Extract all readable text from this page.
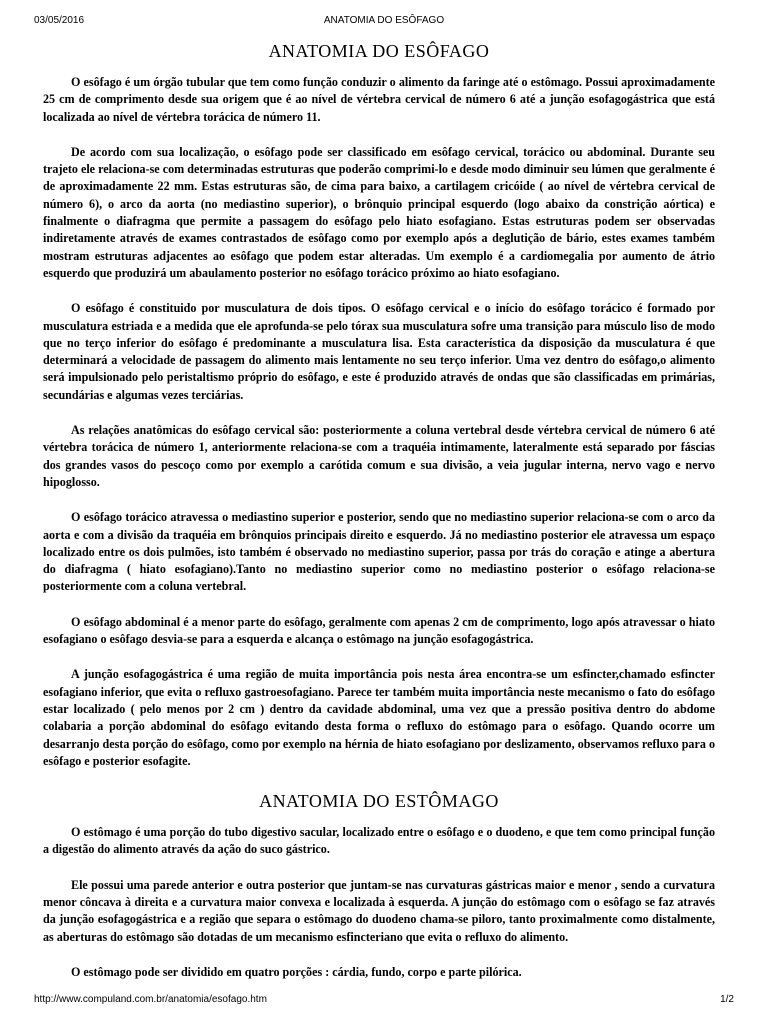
03/05/2016	ANATOMIA DO ESÔFAGO
ANATOMIA DO ESÔFAGO

O esôfago é um órgão tubular que tem como função conduzir o alimento da faringe até o estômago. Possui aproximadamente 25 cm de comprimento desde sua origem que é ao nível de vértebra cervical de número 6 até a junção esofagogástrica que está localizada ao nível de vértebra torácica de número 11.

De acordo com sua localização, o esôfago pode ser classificado em esôfago cervical, torácico ou abdominal. Durante seu trajeto ele relaciona-se com determinadas estruturas que poderão comprimi-lo e desde modo diminuir seu lúmen que geralmente é de aproximadamente 22 mm. Estas estruturas são, de cima para baixo, a cartilagem cricóide ( ao nível de vértebra cervical de número 6), o arco da aorta (no mediastino superior), o brônquio principal esquerdo (logo abaixo da constrição aórtica) e finalmente o diafragma que permite a passagem do esôfago pelo hiato esofagiano. Estas estruturas podem ser observadas indiretamente através de exames contrastados de esôfago como por exemplo após a deglutição de bário, estes exames também mostram estruturas adjacentes ao esôfago que podem estar alteradas. Um exemplo é a cardiomegalia por aumento de átrio esquerdo que produzirá um abaulamento posterior no esôfago torácico próximo ao hiato esofagiano.

O esôfago é constituido por musculatura de dois tipos. O esôfago cervical e o início do esôfago torácico é formado por musculatura estriada e a medida que ele aprofunda-se pelo tórax sua musculatura sofre uma transição para músculo liso de modo que no terço inferior do esôfago é predominante a musculatura lisa. Esta característica da disposição da musculatura é que determinará a velocidade de passagem do alimento mais lentamente no seu terço inferior. Uma vez dentro do esôfago,o alimento será impulsionado pelo peristaltismo próprio do esôfago, e este é produzido através de ondas que são classificadas em primárias, secundárias e algumas vezes terciárias.

As relações anatômicas do esôfago cervical são: posteriormente a coluna vertebral desde vértebra cervical de número 6 até vértebra torácica de número 1, anteriormente relaciona-se com a traquéia intimamente, lateralmente está separado por fáscias dos grandes vasos do pescoço como por exemplo a carótida comum e sua divisão, a veia jugular interna, nervo vago e nervo hipoglosso.

O esôfago torácico atravessa o mediastino superior e posterior, sendo que no mediastino superior relaciona-se com o arco da aorta e com a divisão da traquéia em brônquios principais direito e esquerdo. Já no mediastino posterior ele atravessa um espaço localizado entre os dois pulmões, isto também é observado no mediastino superior, passa por trás do coração e atinge a abertura do diafragma ( hiato esofagiano).Tanto no mediastino superior como no mediastino posterior o esôfago relaciona-se posteriormente com a coluna vertebral.

O esôfago abdominal é a menor parte do esôfago, geralmente com apenas 2 cm de comprimento, logo após atravessar o hiato esofagiano o esôfago desvia-se para a esquerda e alcança o estômago na junção esofagogástrica.

A junção esofagogástrica é uma região de muita importância pois nesta área encontra-se um esfincter,chamado esfincter esofagiano inferior, que evita o refluxo gastroesofagiano. Parece ter também muita importância neste mecanismo o fato do esôfago estar localizado ( pelo menos por 2 cm ) dentro da cavidade abdominal, uma vez que a pressão positiva dentro do abdome colabaria a porção abdominal do esôfago evitando desta forma o refluxo do estômago para o esôfago. Quando ocorre um desarranjo desta porção do esôfago, como por exemplo na hérnia de hiato esofagiano por deslizamento, observamos refluxo para o esôfago e posterior esofagite.

ANATOMIA DO ESTÔMAGO

O estômago é uma porção do tubo digestivo sacular, localizado entre o esôfago e o duodeno, e que tem como principal função a digestão do alimento através da ação do suco gástrico.

Ele possui uma parede anterior e outra posterior que juntam-se nas curvaturas gástricas maior e menor , sendo a curvatura menor côncava à direita e a curvatura maior convexa e localizada à esquerda. A junção do estômago com o esôfago se faz através da junção esofagogástrica e a região que separa o estômago do duodeno chama-se piloro, tanto proximalmente como distalmente, as aberturas do estômago são dotadas de um mecanismo esfincteriano que evita o refluxo do alimento.

O estômago pode ser dividido em quatro porções : cárdia, fundo, corpo e parte pilórica.

http://www.compuland.com.br/anatomia/esofago.htm	1/2
